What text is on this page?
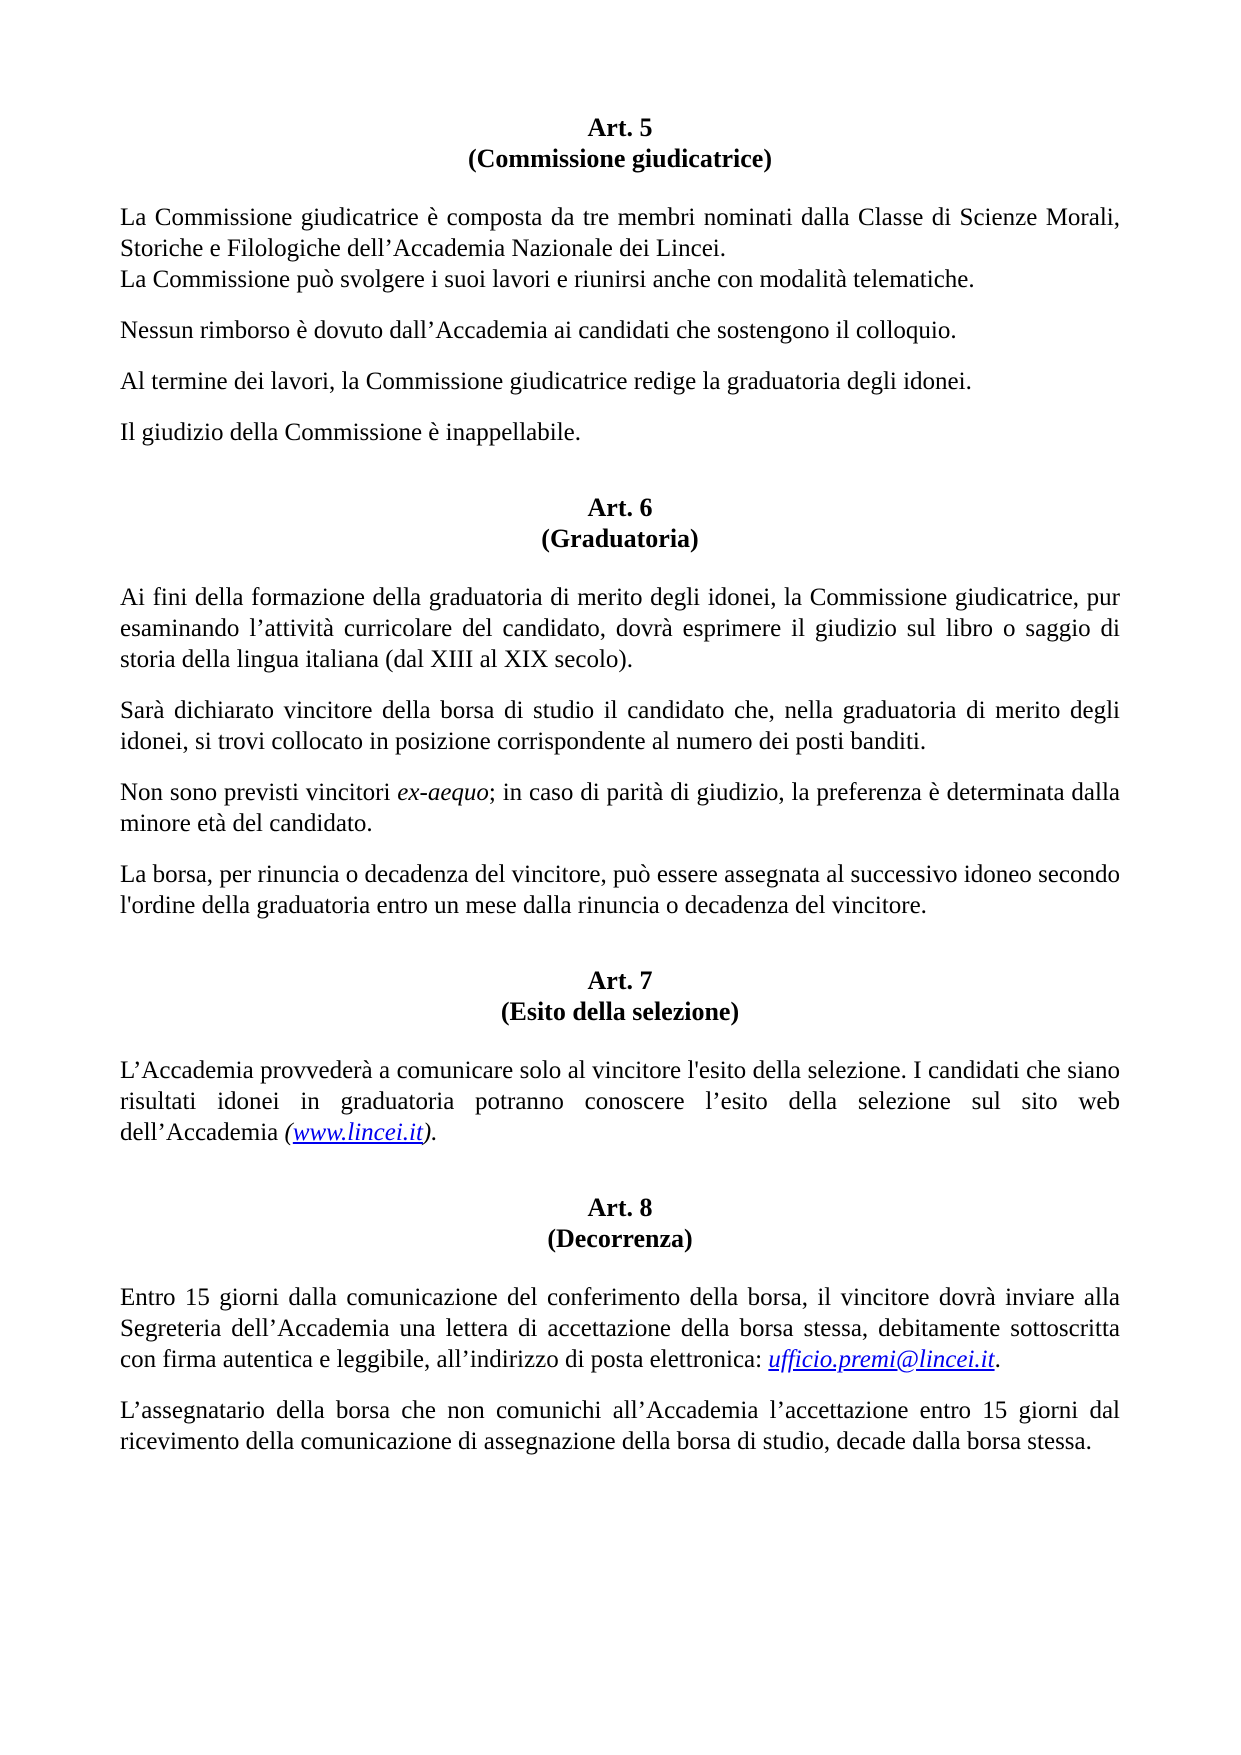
Art. 5
(Commissione giudicatrice)

La Commissione giudicatrice è composta da tre membri nominati dalla Classe di Scienze Morali, Storiche e Filologiche dell’Accademia Nazionale dei Lincei.
La Commissione può svolgere i suoi lavori e riunirsi anche con modalità telematiche.

Nessun rimborso è dovuto dall’Accademia ai candidati che sostengono il colloquio.

Al termine dei lavori, la Commissione giudicatrice redige la graduatoria degli idonei.

Il giudizio della Commissione è inappellabile.

Art. 6
(Graduatoria)

Ai fini della formazione della graduatoria di merito degli idonei, la Commissione giudicatrice, pur esaminando l’attività curricolare del candidato, dovrà esprimere il giudizio sul libro o saggio di storia della lingua italiana (dal XIII al XIX secolo).

Sarà dichiarato vincitore della borsa di studio il candidato che, nella graduatoria di merito degli idonei, si trovi collocato in posizione corrispondente al numero dei posti banditi.

Non sono previsti vincitori ex-aequo; in caso di parità di giudizio, la preferenza è determinata dalla minore età del candidato.

La borsa, per rinuncia o decadenza del vincitore, può essere assegnata al successivo idoneo secondo l'ordine della graduatoria entro un mese dalla rinuncia o decadenza del vincitore.

Art. 7
(Esito della selezione)

L’Accademia provvederà a comunicare solo al vincitore l'esito della selezione. I candidati che siano risultati idonei in graduatoria potranno conoscere l’esito della selezione sul sito web dell’Accademia (www.lincei.it).

Art. 8
(Decorrenza)

Entro 15 giorni dalla comunicazione del conferimento della borsa, il vincitore dovrà inviare alla Segreteria dell’Accademia una lettera di accettazione della borsa stessa, debitamente sottoscritta con firma autentica e leggibile, all’indirizzo di posta elettronica: ufficio.premi@lincei.it.

L’assegnatario della borsa che non comunichi all’Accademia l’accettazione entro 15 giorni dal ricevimento della comunicazione di assegnazione della borsa di studio, decade dalla borsa stessa.
